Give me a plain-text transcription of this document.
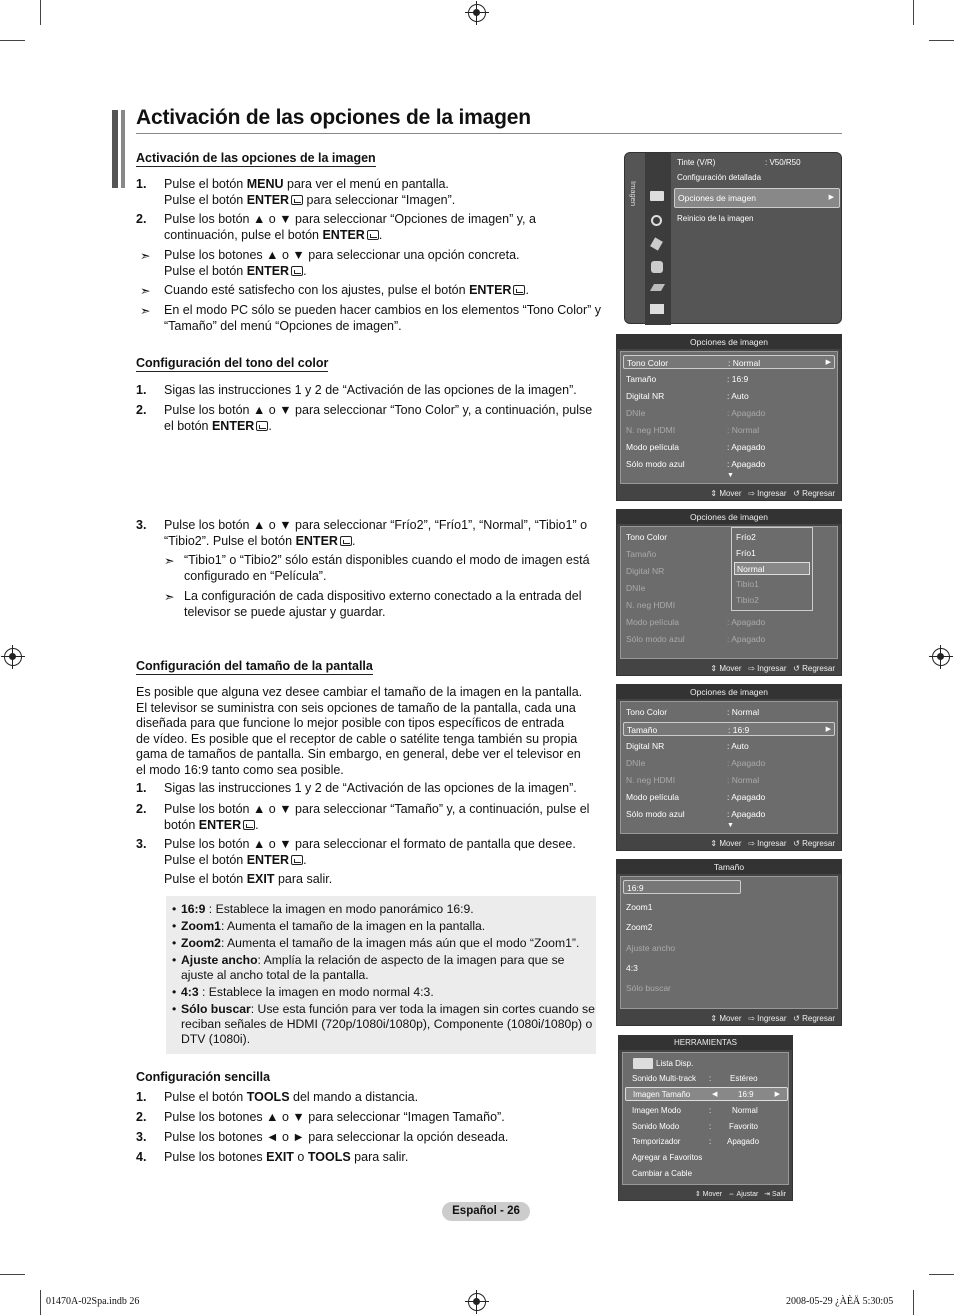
Activación de las opciones de la imagen
Activación de las opciones de la imagen
1. Pulse el botón MENU para ver el menú en pantalla.
Pulse el botón ENTER para seleccionar “Imagen”.
2. Pulse los botón ▲ o ▼ para seleccionar “Opciones de imagen” y, a
continuación, pulse el botón ENTER .
➣ Pulse los botones ▲ o ▼ para seleccionar una opción concreta.
Pulse el botón ENTER .
➣ Cuando esté satisfecho con los ajustes, pulse el botón ENTER .
➣ En el modo PC sólo se pueden hacer cambios en los elementos “Tono Color” y
“Tamaño” del menú “Opciones de imagen”.
Configuración del tono del color
1. Sigas las instrucciones 1 y 2 de “Activación de las opciones de la imagen”.
2. Pulse los botón ▲ o ▼ para seleccionar “Tono Color” y, a continuación, pulse
el botón ENTER .
3. Pulse los botón ▲ o ▼ para seleccionar “Frío2”, “Frío1”, “Normal”, “Tibio1” o
“Tibio2”. Pulse el botón ENTER .
➣ “Tibio1” o “Tibio2” sólo están disponibles cuando el modo de imagen está
configurado en “Película”.
➣ La configuración de cada dispositivo externo conectado a la entrada del
televisor se puede ajustar y guardar.
Configuración del tamaño de la pantalla
Es posible que alguna vez desee cambiar el tamaño de la imagen en la pantalla.
El televisor se suministra con seis opciones de tamaño de la pantalla, cada una
diseñada para que funcione lo mejor posible con tipos específicos de entrada
de vídeo. Es posible que el receptor de cable o satélite tenga también su propia
gama de tamaños de pantalla. Sin embargo, en general, debe ver el televisor en
el modo 16:9 tanto como sea posible.
1. Sigas las instrucciones 1 y 2 de “Activación de las opciones de la imagen”.
2. Pulse los botón ▲ o ▼ para seleccionar “Tamaño” y, a continuación, pulse el
botón ENTER .
3. Pulse los botón ▲ o ▼ para seleccionar el formato de pantalla que desee.
Pulse el botón ENTER .
Pulse el botón EXIT para salir.
• 16:9 : Establece la imagen en modo panorámico 16:9.
• Zoom1: Aumenta el tamaño de la imagen en la pantalla.
• Zoom2: Aumenta el tamaño de la imagen más aún que el modo “Zoom1”.
• Ajuste ancho: Amplía la relación de aspecto de la imagen para que se ajuste al ancho total de la pantalla.
• 4:3 : Establece la imagen en modo normal 4:3.
• Sólo buscar: Use esta función para ver toda la imagen sin cortes cuando se reciban señales de HDMI (720p/1080i/1080p), Componente (1080i/1080p) o DTV (1080i).
Configuración sencilla
1. Pulse el botón TOOLS del mando a distancia.
2. Pulse los botones ▲ o ▼ para seleccionar “Imagen Tamaño”.
3. Pulse los botones ◄ o ► para seleccionar la opción deseada.
4. Pulse los botones EXIT o TOOLS para salir.
Imagen
Tinte (V/R)	: V50/R50
Configuración detallada
Opciones de imagen	▶
Reinicio de la imagen
Opciones de imagen
Tono Color	: Normal	▶
Tamaño	: 16:9
Digital NR	: Auto
DNIe	: Apagado
N. neg HDMI	: Normal
Modo película	: Apagado
Sólo modo azul	: Apagado
▼
⇕ Mover   ⇨ Ingresar   ↺ Regresar
Opciones de imagen
Tono Color
Tamaño
Digital NR
DNIe
N. neg HDMI
Modo película	: Apagado
Sólo modo azul	: Apagado
Frío2
Frío1
Normal
Tibio1
Tibio2
⇕ Mover   ⇨ Ingresar   ↺ Regresar
Opciones de imagen
Tono Color	: Normal
Tamaño	: 16:9	▶
Digital NR	: Auto
DNIe	: Apagado
N. neg HDMI	: Normal
Modo película	: Apagado
Sólo modo azul	: Apagado
▼
⇕ Mover   ⇨ Ingresar   ↺ Regresar
Tamaño
16:9
Zoom1
Zoom2
Ajuste ancho
4:3
Sólo buscar
⇕ Mover   ⇨ Ingresar   ↺ Regresar
HERRAMIENTAS
Lista Disp.
Sonido Multi-track : Estéreo
Imagen Tamaño	◀	16:9	▶
Imagen Modo	:	Normal
Sonido Modo	: Favorito
Temporizador	: Apagado
Agregar a Favoritos
Cambiar a Cable
⇕ Mover   ⇔ Ajustar   ⇥ Salir
Español - 26
01470A-02Spa.indb 26	2008-05-29 ¿ÀÈÄ 5:30:05
